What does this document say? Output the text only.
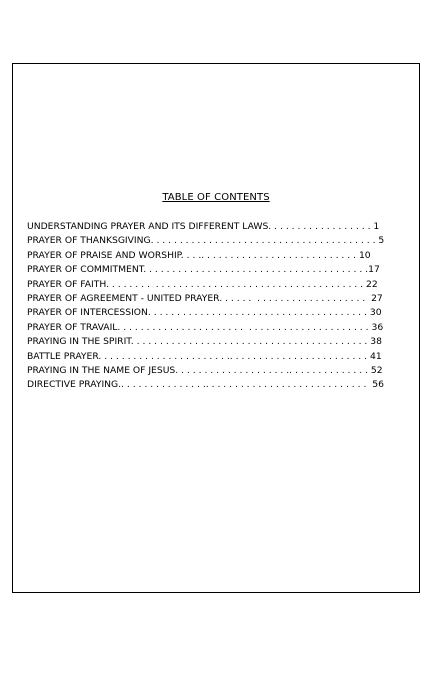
TABLE OF CONTENTS
UNDERSTANDING PRAYER AND ITS DIFFERENT LAWS. . . . . . . . . . . . . . . . . . 1
PRAYER OF THANKSGIVING. . . . . . . . . . . . . . . . . . . . . . . . . . . . . . . . . . . . . . . 5
PRAYER OF PRAISE AND WORSHIP. . . .. . . . . . . . . . . . . . . . . . . . . . . . . . . 10
PRAYER OF COMMITMENT. . . . . . . . . . . . . . . . . . . . . . . . . . . . . . . . . . . . . . .17
PRAYER OF FAITH. . . . . . . .  . . . . . . . . . . . . . . . . . . . . . . . . . . . . . . . . . . . . 22
PRAYER OF AGREEMENT - UNITED PRAYER. . . . . .  . . . . . . . . . . . . . . . . . . .  27
PRAYER OF INTERCESSION. . . . . . . . . . . . . . . . . . . . . . . . . . . . . . . . . . . . . . 30
PRAYER OF TRAVAIL. . . . . . . . . . . . . . . . . . . . . .  . . . . . . . . . . . . . . . . . . . . . 36
PRAYING IN THE SPIRIT. . . . . . . . . . . . . . . . . . . . . . . . . . . . . . . . . . . . . . . . . 38
BATTLE PRAYER. . . . . . . . . . . . . . . . . . . . . . .. . . . . . . . . . . . . . . . . . . . . . . . 41
PRAYING IN THE NAME OF JESUS. . . . . . . . . . . . . . . . . . . .. . . . . . . . . . . . . . 52
DIRECTIVE PRAYING.. . . . . . . . . . . . . . .. . . . . . . . . . . . . . . . . . . . . . . . . . . .  56
